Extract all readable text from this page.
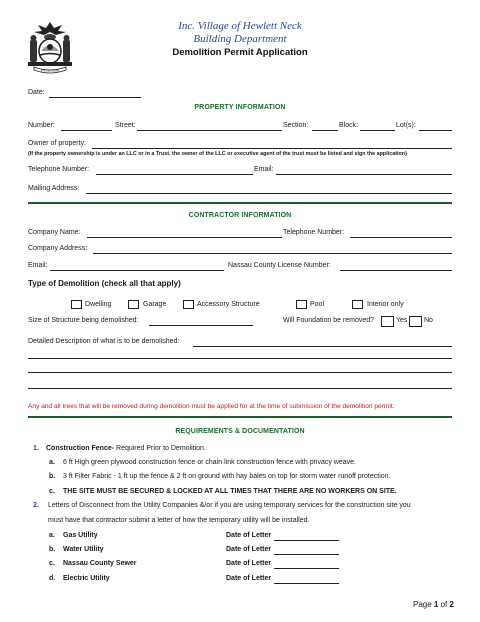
EXCELSIOR
Inc. Village of Hewlett Neck
Building Department
Demolition Permit Application
Date:
PROPERTY INFORMATION
Number:	Street:	Section:	Block:	Lot(s):
Owner of property:
(If the property ownership is under an LLC or in a Trust, the owner of the LLC or executive agent of the trust must be listed and sign the application)
Telephone Number:	Email:
Mailing Address:
CONTRACTOR INFORMATION
Company Name:	Telephone Number:
Company Address:
Email:	Nassau County License Number:
Type of Demolition (check all that apply)
Dwelling	Garage	Accessory Structure	Pool	Interior only
Size of Structure being demolished:	Will Foundation be removed?	Yes No
Detailed Description of what is to be demolished:
Any and all trees that will be removed during demolition must be applied for at the time of submission of the demolition permit.
REQUIREMENTS & DOCUMENTATION
1. Construction Fence- Required Prior to Demolition.
a. 6 ft High green plywood construction fence or chain link construction fence with privacy weave.
b. 3 ft Filter Fabric - 1 ft up the fence & 2 ft on ground with hay bales on top for storm water runoff protection.
c. THE SITE MUST BE SECURED & LOCKED AT ALL TIMES THAT THERE ARE NO WORKERS ON SITE.
2. Letters of Disconnect from the Utility Companies &/or if you are using temporary services for the construction site you
must have that contractor submit a letter of how the temporary utility will be installed.
a. Gas Utility	Date of Letter
b. Water Utility	Date of Letter
c. Nassau County Sewer	Date of Letter
d. Electric Utility	Date of Letter
Page 1 of 2
